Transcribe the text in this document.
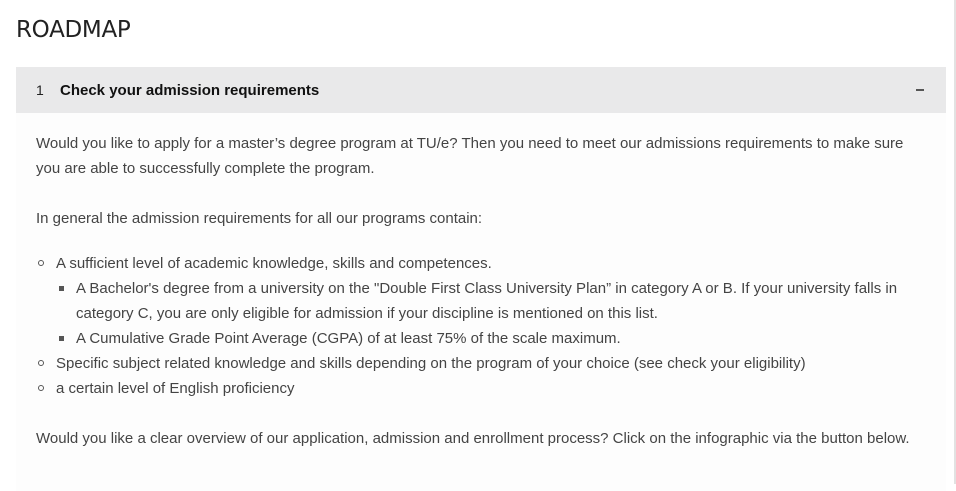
ROADMAP
1 Check your admission requirements

Would you like to apply for a master’s degree program at TU/e? Then you need to meet our admissions requirements to make sure you are able to successfully complete the program.

In general the admission requirements for all our programs contain:

A sufficient level of academic knowledge, skills and competences.
A Bachelor's degree from a university on the "Double First Class University Plan” in category A or B. If your university falls in category C, you are only eligible for admission if your discipline is mentioned on this list.
A Cumulative Grade Point Average (CGPA) of at least 75% of the scale maximum.
Specific subject related knowledge and skills depending on the program of your choice (see check your eligibility)
a certain level of English proficiency

Would you like a clear overview of our application, admission and enrollment process? Click on the infographic via the button below.
